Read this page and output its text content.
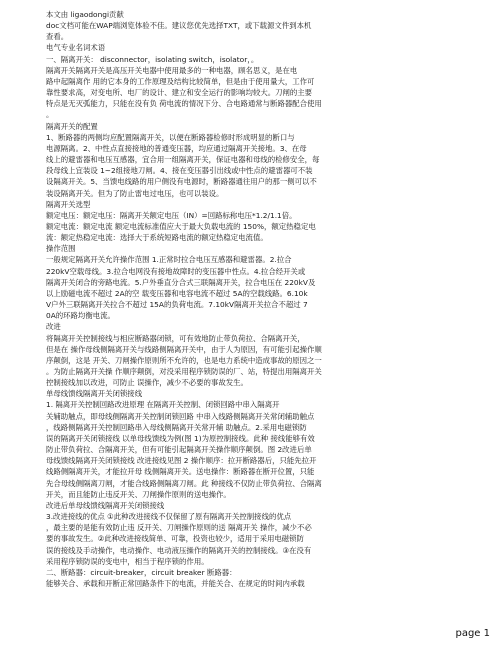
本文由 ligaodongi贡献
doc文档可能在WAP端浏览体验不佳。建议您优先选择TXT，或下载源文件到本机
查看。
电气专业名词术语
一、隔离开关： disconnector，isolating switch，isolator，。
隔离开关隔离开关是高压开关电器中使用最多的一种电器，顾名思义，是在电
路中起隔离作 用的它本身的工作原理及结构比较简单，但是由于使用量大，工作可
靠性要求高，对变电所、电厂的设计、建立和安全运行的影响均较大。刀闸的主要
特点是无灭弧能力，只能在没有负 荷电流的情况下分、合电路通常与断路器配合使用
。
隔离开关的配置
1、断路器的两侧均应配置隔离开关，以便在断路器检修时形成明显的断口与
电源隔离。2、中性点直接接地的普通变压器，均应通过隔离开关接地。3、在母
线上的避雷器和电压互感器，宜合用一组隔离开关，保证电器和母线的检修安全，每
段母线上宜装设 1~2组接地刀闸。4、接在变压器引出线或中性点的避雷器可不装
设隔离开关。5、当馈电线路的用户侧没有电源时，断路器通往用户的那一侧可以不
装设隔离开关。但为了防止雷电过电压，也可以装设。
隔离开关选型
额定电压：额定电压：隔离开关额定电压（IN）=回路标称电压*1.2/1.1倍。
额定电流：额定电流 额定电流标准值应大于最大负载电流的 150%，额定热稳定电
流：额定热稳定电流：选择大于系统短路电流的额定热稳定电流值。
操作范围
一般规定隔离开关允许操作范围 1.正常时拉合电压互感器和避雷器。2.拉合
220kV空载母线。3.拉合电网没有接地故障时的变压器中性点。4.拉合经开关或
隔离开关闭合的旁路电流。5.户外垂直分合式三联隔离开关，拉合电压在 220kV及
以上励磁电流不超过 2A的空 载变压器和电容电流不超过 5A的空载线路。6.10k
V户外三联隔离开关拉合不超过 15A的负荷电流。7.10kV隔离开关拉合不超过 7
0A的环路均衡电流。
改进
将隔离开关控制接线与相应断路器闭锁，可有效地防止带负荷拉、合隔离开关，
但是在 操作母线侧隔离开关与线路侧隔离开关中，由于人为原因，有可能引起操作顺
序颠倒，这是 开关、刀闸操作原则所不允许的，也是电力系统中造成事故的原因之一
。为防止隔离开关操 作顺序颠倒，对没采用程序锁防误的厂、站，特提出用隔离开关
控制接线加以改进，可防止 误操作，减少不必要的事故发生。
单母线馈线隔离开关闭锁接线
1. 隔离开关控制回路改进原理 在隔离开关控制、闭锁回路中串入隔离开
关辅助触点，即母线侧隔离开关控制闭锁回路 中串入线路侧隔离开关常闭辅助触点
，线路侧隔离开关控制回路串入母线侧隔离开关常开辅 助触点。2.采用电磁锁防
误的隔离开关闭锁接线 以单母线馈线为例(图 1)为原控制接线。此种 接线能够有效
防止带负荷拉、合隔离开关，但有可能引起隔离开关操作顺序颠倒。图 2改进后单
母线馈线隔离开关闭锁接线 改进接线见图 2 操作顺序：拉开断路器后，只能先拉开
线路侧隔离开关，才能拉开母 线侧隔离开关。送电操作：断路器在断开位置，只能
先合母线侧隔离刀闸，才能合线路侧隔离刀闸。此 种接线不仅防止带负荷拉、合隔离
开关，而且能防止违反开关、刀闸操作原则的送电操作。
改进后单母线馈线隔离开关闭锁接线
3.改进接线的优点 ①此种改进接线不仅保留了原有隔离开关控制接线的优点
，最主要的是能有效防止违 反开关、刀闸操作原则的送 隔离开关 操作，减少不必
要的事故发生。②此种改进接线简单、可靠，投资也较少，适用于采用电磁锁防
误的接线及手动操作，电动操作、电动液压操作的隔离开关的控制接线。③在没有
采用程序锁防误的变电中，相当于程序锁的作用。
二、断路器：circuit-breaker，circuit breaker 断路器：
能够关合、承载和开断正常回路条件下的电流，并能关合、在规定的时间内承载
page 1
